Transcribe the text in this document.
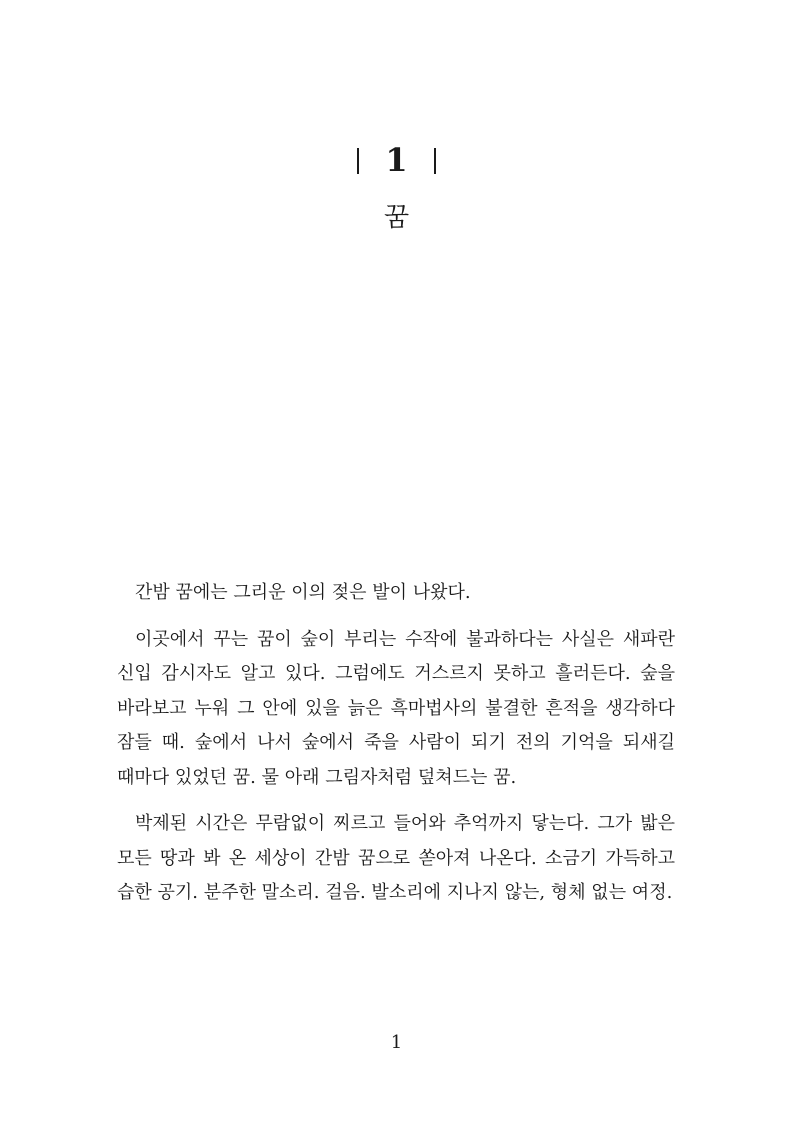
1
꿈

간밤 꿈에는 그리운 이의 젖은 발이 나왔다.

이곳에서 꾸는 꿈이 숲이 부리는 수작에 불과하다는 사실은 새파란 신입 감시자도 알고 있다. 그럼에도 거스르지 못하고 흘러든다. 숲을 바라보고 누워 그 안에 있을 늙은 흑마법사의 불결한 흔적을 생각하다 잠들 때. 숲에서 나서 숲에서 죽을 사람이 되기 전의 기억을 되새길 때마다 있었던 꿈. 물 아래 그림자처럼 덮쳐드는 꿈.

박제된 시간은 무람없이 찌르고 들어와 추억까지 닿는다. 그가 밟은 모든 땅과 봐 온 세상이 간밤 꿈으로 쏟아져 나온다. 소금기 가득하고 습한 공기. 분주한 말소리. 걸음. 발소리에 지나지 않는, 형체 없는 여정.

1
